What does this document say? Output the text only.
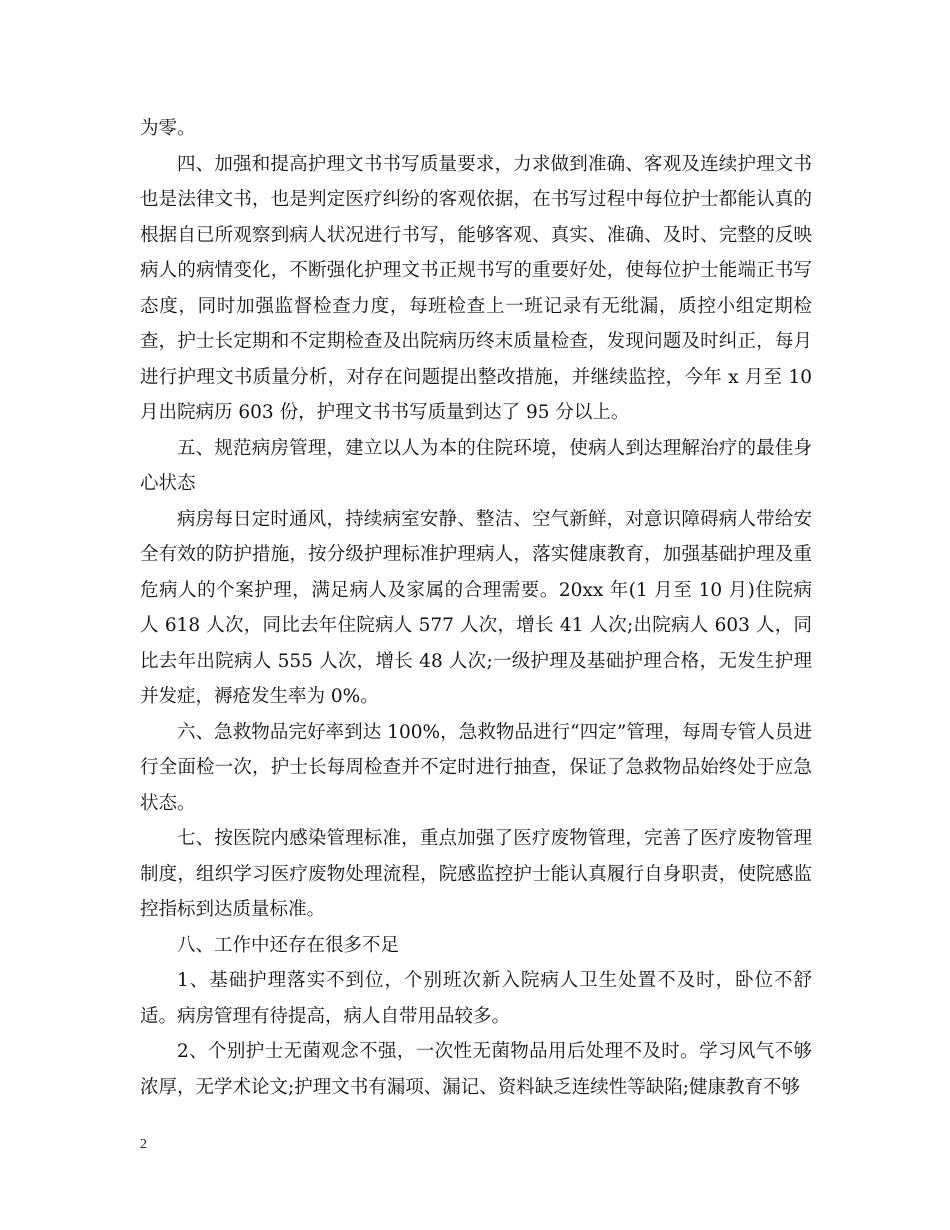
为零。

四、加强和提高护理文书书写质量要求，力求做到准确、客观及连续护理文书也是法律文书，也是判定医疗纠纷的客观依据，在书写过程中每位护士都能认真的根据自已所观察到病人状况进行书写，能够客观、真实、准确、及时、完整的反映病人的病情变化，不断强化护理文书正规书写的重要好处，使每位护士能端正书写态度，同时加强监督检查力度，每班检查上一班记录有无纰漏，质控小组定期检查，护士长定期和不定期检查及出院病历终末质量检查，发现问题及时纠正，每月进行护理文书质量分析，对存在问题提出整改措施，并继续监控，今年 x 月至 10 月出院病历 603 份，护理文书书写质量到达了 95 分以上。

五、规范病房管理，建立以人为本的住院环境，使病人到达理解治疗的最佳身心状态

病房每日定时通风，持续病室安静、整洁、空气新鲜，对意识障碍病人带给安全有效的防护措施，按分级护理标准护理病人，落实健康教育，加强基础护理及重危病人的个案护理，满足病人及家属的合理需要。20xx 年(1 月至 10 月)住院病人 618 人次，同比去年住院病人 577 人次，增长 41 人次;出院病人 603 人，同比去年出院病人 555 人次，增长 48 人次;一级护理及基础护理合格，无发生护理并发症，褥疮发生率为 0%。

六、急救物品完好率到达 100%，急救物品进行“四定”管理，每周专管人员进行全面检一次，护士长每周检查并不定时进行抽查，保证了急救物品始终处于应急状态。

七、按医院内感染管理标准，重点加强了医疗废物管理，完善了医疗废物管理制度，组织学习医疗废物处理流程，院感监控护士能认真履行自身职责，使院感监控指标到达质量标准。

八、工作中还存在很多不足

1、基础护理落实不到位，个别班次新入院病人卫生处置不及时，卧位不舒适。病房管理有待提高，病人自带用品较多。

2、个别护士无菌观念不强，一次性无菌物品用后处理不及时。学习风气不够浓厚，无学术论文;护理文书有漏项、漏记、资料缺乏连续性等缺陷;健康教育不够

2
